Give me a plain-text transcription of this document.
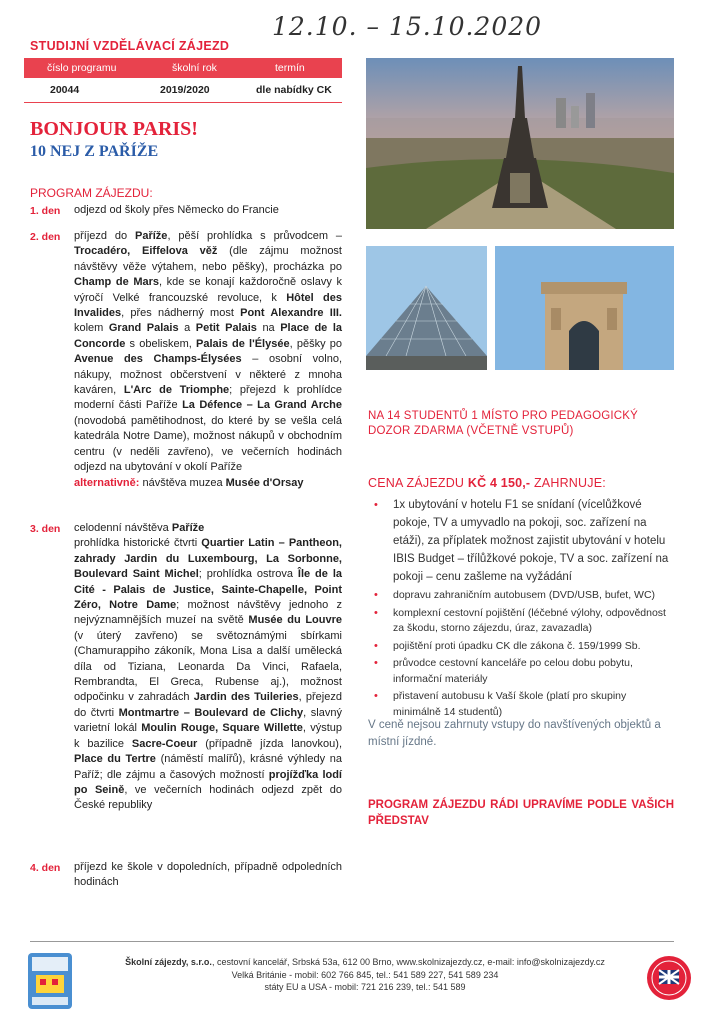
12.10. – 15.10.2020
STUDIJNÍ VZDĚLÁVACÍ ZÁJEZD
číslo programu	školní rok	termín
20044	2019/2020	dle nabídky CK
BONJOUR PARIS!
10 NEJ Z PAŘÍŽE
PROGRAM ZÁJEZDU:
1. den odjezd od školy přes Německo do Francie
2. den příjezd do Paříže, pěší prohlídka s průvodcem – Trocadéro, Eiffelova věž (dle zájmu možnost návštěvy věže výtahem, nebo pěšky), procházka po Champ de Mars, kde se konají každoročně oslavy k výročí Velké francouzské revoluce, k Hôtel des Invalides, přes nádherný most Pont Alexandre III. kolem Grand Palais a Petit Palais na Place de la Concorde s obeliskem, Palais de l'Élysée, pěšky po Avenue des Champs-Élysées – osobní volno, nákupy, možnost občerstvení v některé z mnoha kaváren, L'Arc de Triomphe; přejezd k prohlídce moderní části Paříže La Défence – La Grand Arche (novodobá pamětihodnost, do které by se vešla celá katedrála Notre Dame), možnost nákupů v obchodním centru (v neděli zavřeno), ve večerních hodinách odjezd na ubytování v okolí Paříže
alternativně: návštěva muzea Musée d'Orsay
3. den celodenní návštěva Paříže
prohlídka historické čtvrti Quartier Latin – Pantheon, zahrady Jardin du Luxembourg, La Sorbonne, Boulevard Saint Michel; prohlídka ostrova Île de la Cité - Palais de Justice, Sainte-Chapelle, Point Zéro, Notre Dame; možnost návštěvy jednoho z nejvýznamnějších muzeí na světě Musée du Louvre (v úterý zavřeno) se světoznámými sbírkami (Chamurappiho zákoník, Mona Lisa a další umělecká díla od Tiziana, Leonarda Da Vinci, Rafaela, Rembrandta, El Greca, Rubense aj.), možnost odpočinku v zahradách Jardin des Tuileries, přejezd do čtvrti Montmartre – Boulevard de Clichy, slavný varietní lokál Moulin Rouge, Square Willette, výstup k bazilice Sacre-Coeur (případně jízda lanovkou), Place du Tertre (náměstí malířů), krásné výhledy na Paříž; dle zájmu a časových možností projížďka lodí po Seině, ve večerních hodinách odjezd zpět do České republiky
4. den příjezd ke škole v dopoledních, případně odpoledních hodinách
NA 14 STUDENTŮ 1 MÍSTO PRO PEDAGOGICKÝ DOZOR ZDARMA (VČETNĚ VSTUPŮ)
CENA ZÁJEZDU KČ 4 150,- ZAHRNUJE:
• 1x ubytování v hotelu F1 se snídaní (vícelůžkové pokoje, TV a umyvadlo na pokoji, soc. zařízení na etáži), za příplatek možnost zajistit ubytování v hotelu IBIS Budget – třílůžkové pokoje, TV a soc. zařízení na pokoji – cenu zašleme na vyžádání
• dopravu zahraničním autobusem (DVD/USB, bufet, WC)
• komplexní cestovní pojištění (léčebné výlohy, odpovědnost za škodu, storno zájezdu, úraz, zavazadla)
• pojištění proti úpadku CK dle zákona č. 159/1999 Sb.
• průvodce cestovní kanceláře po celou dobu pobytu, informační materiály
• přistavení autobusu k Vaší škole (platí pro skupiny minimálně 14 studentů)
V ceně nejsou zahrnuty vstupy do navštívených objektů a místní jízdné.
PROGRAM ZÁJEZDU RÁDI UPRAVÍME PODLE VAŠICH PŘEDSTAV
Školní zájezdy, s.r.o., cestovní kancelář, Srbská 53a, 612 00 Brno, www.skolnizajezdy.cz, e-mail: info@skolnizajezdy.cz
Velká Británie - mobil: 602 766 845, tel.: 541 589 227, 541 589 234
státy EU a USA - mobil: 721 216 239, tel.: 541 589
